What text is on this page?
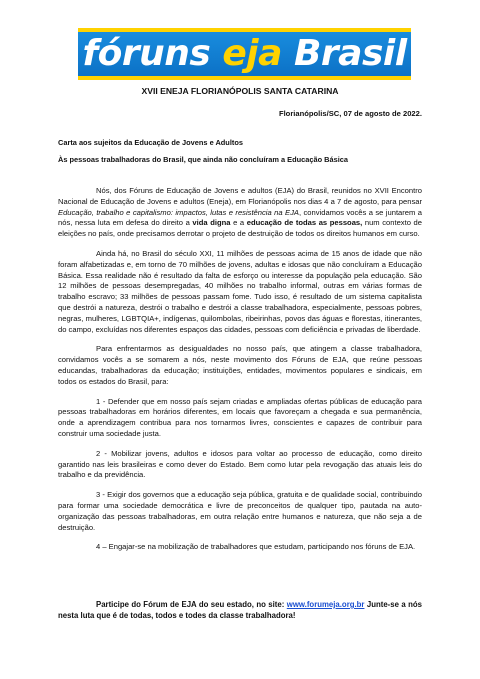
fóruns eja Brasil
XVII ENEJA FLORIANÓPOLIS SANTA CATARINA
Florianópolis/SC, 07 de agosto de 2022.
Carta aos sujeitos da Educação de Jovens e Adultos
Às pessoas trabalhadoras do Brasil, que ainda não concluíram a Educação Básica

Nós, dos Fóruns de Educação de Jovens e adultos (EJA) do Brasil, reunidos no XVII Encontro Nacional de Educação de Jovens e adultos (Eneja), em Florianópolis nos dias 4 a 7 de agosto, para pensar Educação, trabalho e capitalismo: impactos, lutas e resistência na EJA, convidamos vocês a se juntarem a nós, nessa luta em defesa do direito a vida digna e a educação de todas as pessoas, num contexto de eleições no país, onde precisamos derrotar o projeto de destruição de todos os direitos humanos em curso.

Ainda há, no Brasil do século XXI, 11 milhões de pessoas acima de 15 anos de idade que não foram alfabetizadas e, em torno de 70 milhões de jovens, adultas e idosas que não concluíram a Educação Básica. Essa realidade não é resultado da falta de esforço ou interesse da população pela educação. São 12 milhões de pessoas desempregadas, 40 milhões no trabalho informal, outras em várias formas de trabalho escravo; 33 milhões de pessoas passam fome. Tudo isso, é resultado de um sistema capitalista que destrói a natureza, destrói o trabalho e destrói a classe trabalhadora, especialmente, pessoas pobres, negras, mulheres, LGBTQIA+, indígenas, quilombolas, ribeirinhas, povos das águas e florestas, itinerantes, do campo, excluídas nos diferentes espaços das cidades, pessoas com deficiência e privadas de liberdade.

Para enfrentarmos as desigualdades no nosso país, que atingem a classe trabalhadora, convidamos vocês a se somarem a nós, neste movimento dos Fóruns de EJA, que reúne pessoas educandas, trabalhadoras da educação; instituições, entidades, movimentos populares e sindicais, em todos os estados do Brasil, para:

1 - Defender que em nosso país sejam criadas e ampliadas ofertas públicas de educação para pessoas trabalhadoras em horários diferentes, em locais que favoreçam a chegada e sua permanência, onde a aprendizagem contribua para nos tornarmos livres, conscientes e capazes de contribuir para construir uma sociedade justa.

2 - Mobilizar jovens, adultos e idosos para voltar ao processo de educação, como direito garantido nas leis brasileiras e como dever do Estado. Bem como lutar pela revogação das atuais leis do trabalho e da previdência.

3 - Exigir dos governos que a educação seja pública, gratuita e de qualidade social, contribuindo para formar uma sociedade democrática e livre de preconceitos de qualquer tipo, pautada na auto-organização das pessoas trabalhadoras, em outra relação entre humanos e natureza, que não seja a de destruição.

4 – Engajar-se na mobilização de trabalhadores que estudam, participando nos fóruns de EJA.

Participe do Fórum de EJA do seu estado, no site: www.forumeja.org.br Junte-se a nós nesta luta que é de todas, todos e todes da classe trabalhadora!
